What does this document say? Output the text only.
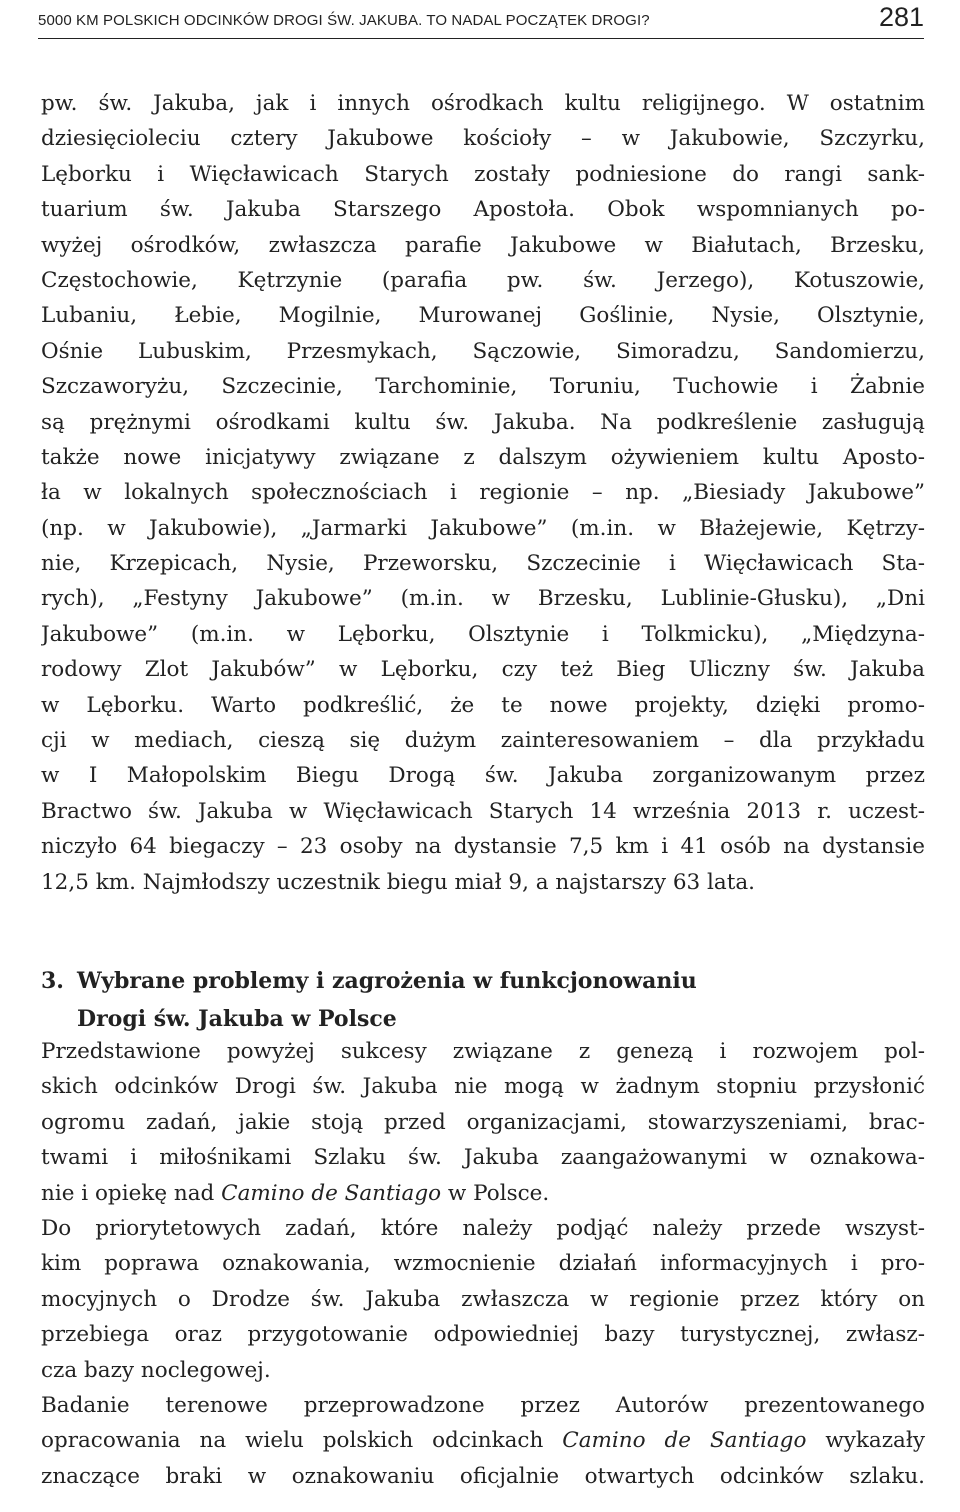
5000 KM POLSKICH ODCINKÓW DROGI ŚW. JAKUBA. TO NADAL POCZĄTEK DROGI?	281
pw. św. Jakuba, jak i innych ośrodkach kultu religijnego. W ostatnim
dziesięcioleciu cztery Jakubowe kościoły – w Jakubowie, Szczyrku,
Lęborku i Więcławicach Starych zostały podniesione do rangi sank-
tuarium św. Jakuba Starszego Apostoła. Obok wspomnianych po-
wyżej ośrodków, zwłaszcza parafie Jakubowe w Białutach, Brzesku,
Częstochowie, Kętrzynie (parafia pw. św. Jerzego), Kotuszowie,
Lubaniu, Łebie, Mogilnie, Murowanej Goślinie, Nysie, Olsztynie,
Ośnie Lubuskim, Przesmykach, Sączowie, Simoradzu, Sandomierzu,
Szczaworyżu, Szczecinie, Tarchominie, Toruniu, Tuchowie i Żabnie
są prężnymi ośrodkami kultu św. Jakuba. Na podkreślenie zasługują
także nowe inicjatywy związane z dalszym ożywieniem kultu Aposto-
ła w lokalnych społecznościach i regionie – np. „Biesiady Jakubowe”
(np. w Jakubowie), „Jarmarki Jakubowe” (m.in. w Błażejewie, Kętrzy-
nie, Krzepicach, Nysie, Przeworsku, Szczecinie i Więcławicach Sta-
rych), „Festyny Jakubowe” (m.in. w Brzesku, Lublinie-Głusku), „Dni
Jakubowe” (m.in. w Lęborku, Olsztynie i Tolkmicku), „Międzyna-
rodowy Zlot Jakubów” w Lęborku, czy też Bieg Uliczny św. Jakuba
w Lęborku. Warto podkreślić, że te nowe projekty, dzięki promo-
cji w mediach, cieszą się dużym zainteresowaniem – dla przykładu
w I Małopolskim Biegu Drogą św. Jakuba zorganizowanym przez
Bractwo św. Jakuba w Więcławicach Starych 14 września 2013 r. uczest-
niczyło 64 biegaczy – 23 osoby na dystansie 7,5 km i 41 osób na dystansie
12,5 km. Najmłodszy uczestnik biegu miał 9, a najstarszy 63 lata.
3. Wybrane problemy i zagrożenia w funkcjonowaniu
Drogi św. Jakuba w Polsce
Przedstawione powyżej sukcesy związane z genezą i rozwojem pol-
skich odcinków Drogi św. Jakuba nie mogą w żadnym stopniu przysłonić
ogromu zadań, jakie stoją przed organizacjami, stowarzyszeniami, brac-
twami i miłośnikami Szlaku św. Jakuba zaangażowanymi w oznakowa-
nie i opiekę nad Camino de Santiago w Polsce.
Do priorytetowych zadań, które należy podjąć należy przede wszyst-
kim poprawa oznakowania, wzmocnienie działań informacyjnych i pro-
mocyjnych o Drodze św. Jakuba zwłaszcza w regionie przez który on
przebiega oraz przygotowanie odpowiedniej bazy turystycznej, zwłasz-
cza bazy noclegowej.
Badanie terenowe przeprowadzone przez Autorów prezentowanego
opracowania na wielu polskich odcinkach Camino de Santiago wykazały
znaczące braki w oznakowaniu oficjalnie otwartych odcinków szlaku.
